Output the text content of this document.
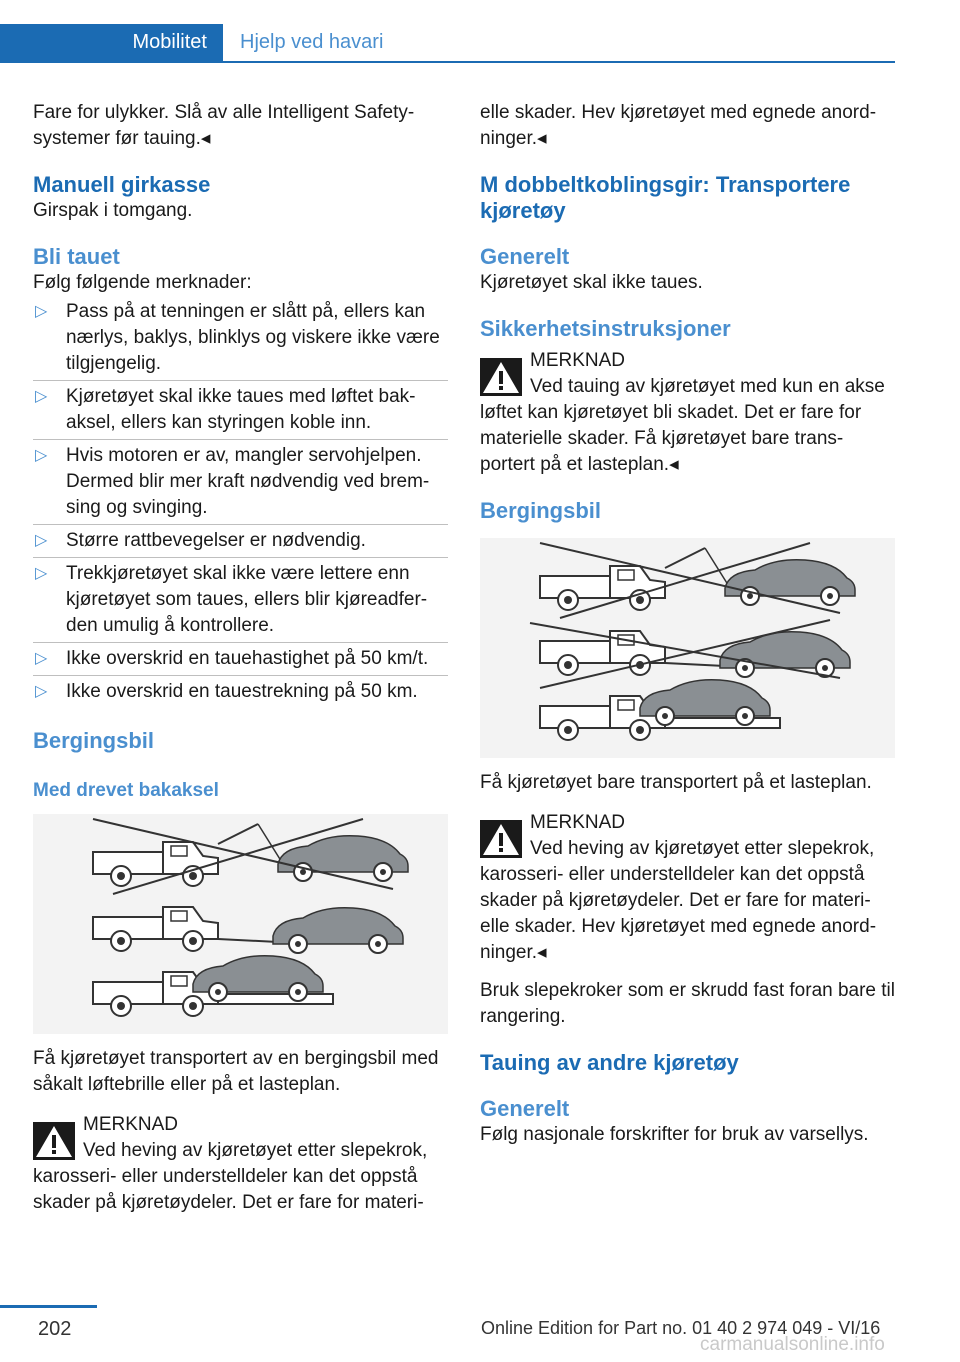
Mobilitet	Hjelp ved havari

Fare for ulykker. Slå av alle Intelligent Safety-systemer før tauing.◂

Manuell girkasse

Girspak i tomgang.

Bli tauet

Følg følgende merknader:

▷ Pass på at tenningen er slått på, ellers kan nærlys, baklys, blinklys og viskere ikke være tilgjengelig.
▷ Kjøretøyet skal ikke taues med løftet bak-aksel, ellers kan styringen koble inn.
▷ Hvis motoren er av, mangler servohjelpen. Dermed blir mer kraft nødvendig ved brem-sing og svinging.
▷ Større rattbevegelser er nødvendig.
▷ Trekkjøretøyet skal ikke være lettere enn kjøretøyet som taues, ellers blir kjøreadfer-den umulig å kontrollere.
▷ Ikke overskrid en tauehastighet på 50 km/t.
▷ Ikke overskrid en tauestrekning på 50 km.
Bergingsbil
Med drevet bakaksel

Få kjøretøyet transportert av en bergingsbil med såkalt løftebrille eller på et lasteplan.

MERKNAD
Ved heving av kjøretøyet etter slepekrok, karosseri- eller understelldeler kan det oppstå skader på kjøretøydeler. Det er fare for materi-

elle skader. Hev kjøretøyet med egnede anord-ninger.◂

M dobbeltkoblingsgir: Transportere kjøretøy
Generelt

Kjøretøyet skal ikke taues.

Sikkerhetsinstruksjoner
MERKNAD
Ved tauing av kjøretøyet med kun en akse løftet kan kjøretøyet bli skadet. Det er fare for materielle skader. Få kjøretøyet bare trans-portert på et lasteplan.◂
Bergingsbil

Få kjøretøyet bare transportert på et lasteplan.

MERKNAD
Ved heving av kjøretøyet etter slepekrok, karosseri- eller understelldeler kan det oppstå skader på kjøretøydeler. Det er fare for materi-elle skader. Hev kjøretøyet med egnede anord-ninger.◂

Bruk slepekroker som er skrudd fast foran bare til rangering.

Tauing av andre kjøretøy
Generelt

Følg nasjonale forskrifter for bruk av varsellys.

202	Online Edition for Part no. 01 40 2 974 049 - VI/16
carmanualsonline.info
